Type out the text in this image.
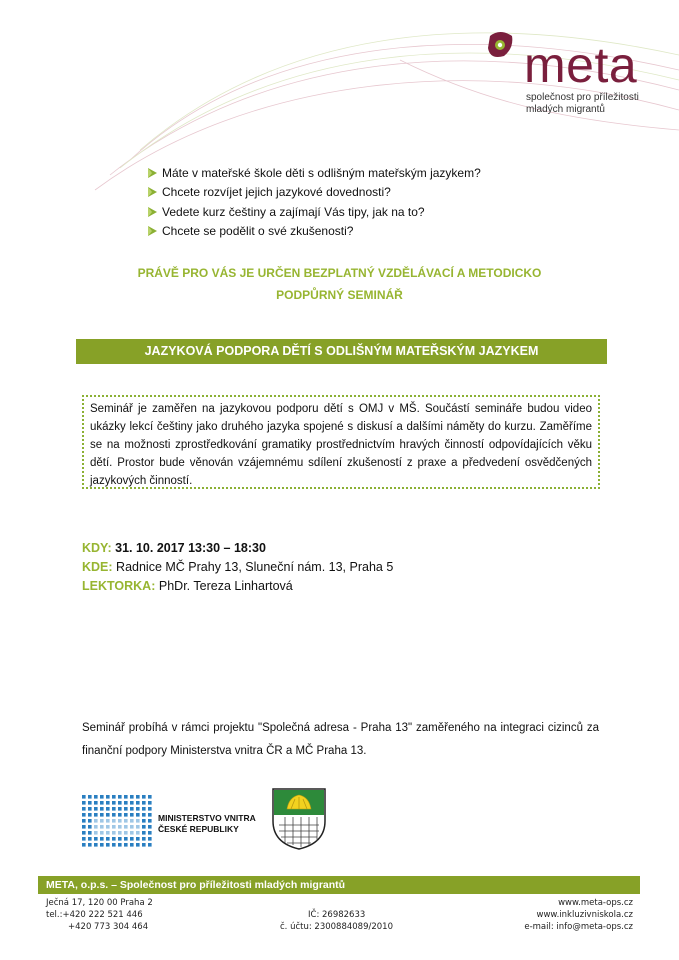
meta
společnost pro příležitosti
mladých migrantů
Máte v mateřské škole děti s odlišným mateřským jazykem?
Chcete rozvíjet jejich jazykové dovednosti?
Vedete kurz češtiny a zajímají Vás tipy, jak na to?
Chcete se podělit o své zkušenosti?
PRÁVĚ PRO VÁS JE URČEN BEZPLATNÝ VZDĚLÁVACÍ A METODICKO
PODPŮRNÝ SEMINÁŘ
JAZYKOVÁ PODPORA DĚTÍ S ODLIŠNÝM MATEŘSKÝM JAZYKEM

Seminář je zaměřen na jazykovou podporu dětí s OMJ v MŠ. Součástí semináře budou video ukázky lekcí češtiny jako druhého jazyka spojené s diskusí a dalšími náměty do kurzu. Zaměříme se na možnosti zprostředkování gramatiky prostřednictvím hravých činností odpovídajících věku dětí. Prostor bude věnován vzájemnému sdílení zkušeností z praxe a předvedení osvědčených jazykových činností.

KDY: 31. 10. 2017 13:30 – 18:30
KDE: Radnice MČ Prahy 13, Sluneční nám. 13, Praha 5
LEKTORKA: PhDr. Tereza Linhartová
Seminář probíhá v rámci projektu "Společná adresa - Praha 13" zaměřeného na integraci cizinců za finanční podpory Ministerstva vnitra ČR a MČ Praha 13.
MINISTERSTVO VNITRA
ČESKÉ REPUBLIKY
META, o.p.s. – Společnost pro příležitosti mladých migrantů
Ječná 17, 120 00 Praha 2
tel.:+420 222 521 446
+420 773 304 464
IČ: 26982633
č. účtu: 2300884089/2010
www.meta-ops.cz
www.inkluzivniskola.cz
e-mail: info@meta-ops.cz
